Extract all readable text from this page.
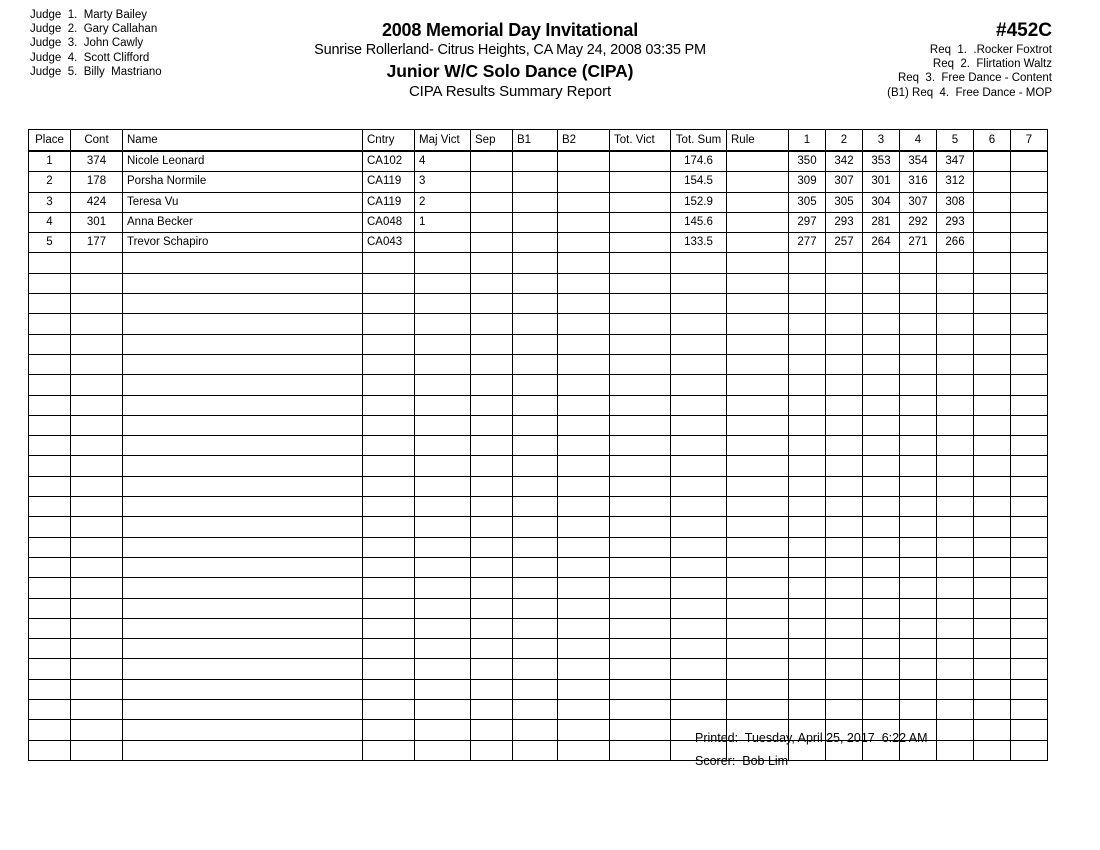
Judge  1.  Marty Bailey
Judge  2.  Gary Callahan
Judge  3.  John Cawly
Judge  4.  Scott Clifford
Judge  5.  Billy  Mastriano
2008 Memorial Day Invitational
Sunrise Rollerland- Citrus Heights, CA May 24, 2008 03:35 PM
Junior W/C Solo Dance (CIPA)
CIPA Results Summary Report
#452C
Req  1.  .Rocker Foxtrot
Req  2.  Flirtation Waltz
Req  3.  Free Dance - Content
(B1) Req  4.  Free Dance - MOP
Place	Cont	Name	Cntry	Maj Vict	Sep	B1	B2	Tot. Vict	Tot. Sum	Rule	1	2	3	4	5	6	7
1	374	Nicole Leonard	CA102	4					174.6		350	342	353	354	347		
2	178	Porsha Normile	CA119	3					154.5		309	307	301	316	312		
3	424	Teresa Vu	CA119	2					152.9		305	305	304	307	308		
4	301	Anna Becker	CA048	1					145.6		297	293	281	292	293		
5	177	Trevor Schapiro	CA043						133.5		277	257	264	271	266		

Printed:  Tuesday, April 25, 2017  6:22 AM
Scorer:  Bob Lim
